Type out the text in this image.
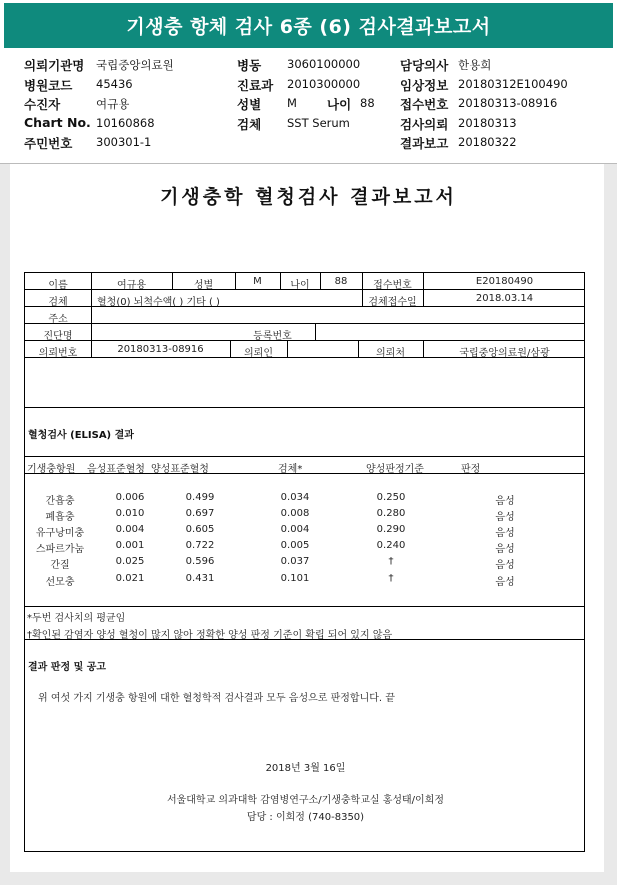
기생충 항체 검사 6종 (6) 검사결과보고서
의뢰기관명 국립중앙의료원
병원코드 45436
수진자	여규용
Chart No. 10160868
주민번호 300301-1
병동 3060100000
진료과 2010300000
성별 M 나이 88
검체 SST Serum
담당의사 한용희
임상정보 20180312E100490
접수번호 20180313-08916
검사의뢰 20180313
결과보고 20180322
기생충학 혈청검사 결과보고서
이름	여규용	성별	M	나이	88	접수번호	E20180490
검체	혈청(0) 뇌척수액( ) 기타 ( )	검체접수일	2018.03.14
주소
진단명	등록번호
의뢰번호	20180313-08916	의뢰인	의뢰처	국립중앙의료원/삼광
혈청검사 (ELISA) 결과
기생충항원 음성표준혈청 양성표준혈청	검체*	양성판정기준	판정
간흡충	0.006	0.499	0.034	0.250	음성
폐흡충	0.010	0.697	0.008	0.280	음성
유구낭미충	0.004	0.605	0.004	0.290	음성
스파르가눔	0.001	0.722	0.005	0.240	음성
간질	0.025	0.596	0.037	†	음성
선모충	0.021	0.431	0.101	†	음성
*두번 검사치의 평균임
†확인된 감염자 양성 혈청이 많지 않아 정확한 양성 판정 기준이 확립 되어 있지 않음
결과 판정 및 공고
위 여섯 가지 기생충 항원에 대한 혈청학적 검사결과 모두 음성으로 판정합니다. 끝
2018년 3월 16일
서울대학교 의과대학 감염병연구소/기생충학교실 홍성태/이희정
담당 : 이희정 (740-8350)
